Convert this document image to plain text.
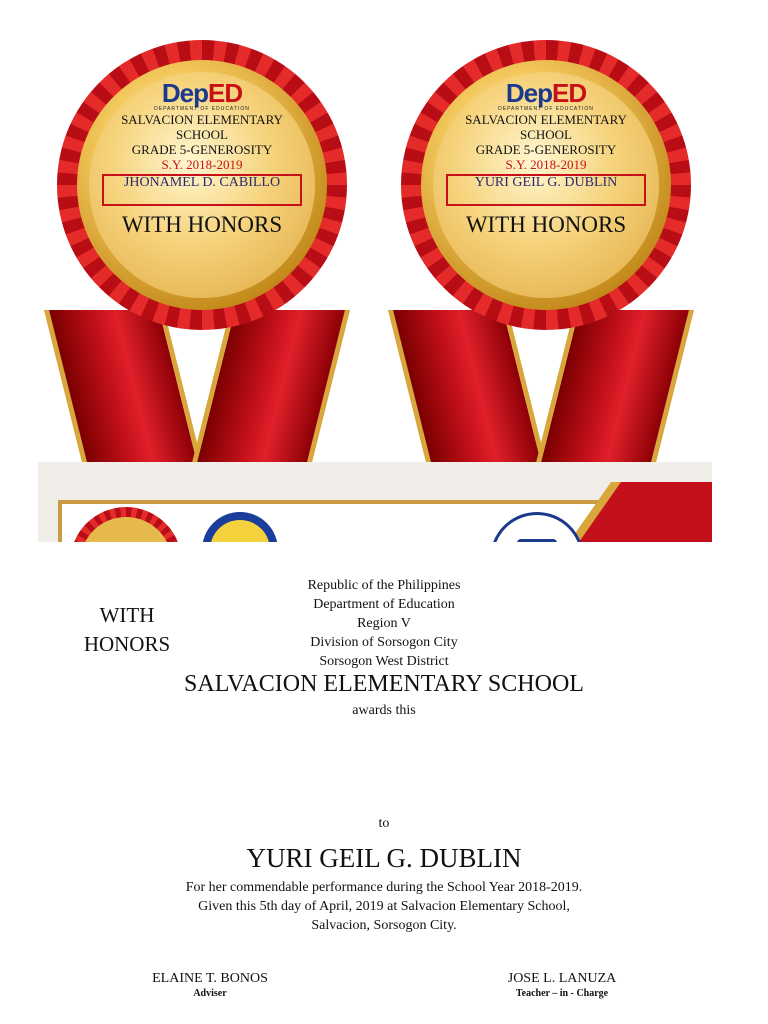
DepED
DEPARTMENT OF EDUCATION
SALVACION ELEMENTARY
SCHOOL
GRADE 5-GENEROSITY
S.Y. 2018-2019
JHONAMEL D. CABILLO
WITH HONORS
DepED
DEPARTMENT OF EDUCATION
SALVACION ELEMENTARY
SCHOOL
GRADE 5-GENEROSITY
S.Y. 2018-2019
YURI GEIL G. DUBLIN
WITH HONORS
WITH
HONORS
Republic of the Philippines
Department of Education
Region V
Division of Sorsogon City
Sorsogon West District
SALVACION ELEMENTARY SCHOOL
awards this
to
YURI GEIL G. DUBLIN
For her commendable performance during the School Year 2018-2019.
Given this 5th day of April, 2019 at Salvacion Elementary School,
Salvacion, Sorsogon City.
ELAINE T. BONOS
Adviser
JOSE L. LANUZA
Teacher – in - Charge
